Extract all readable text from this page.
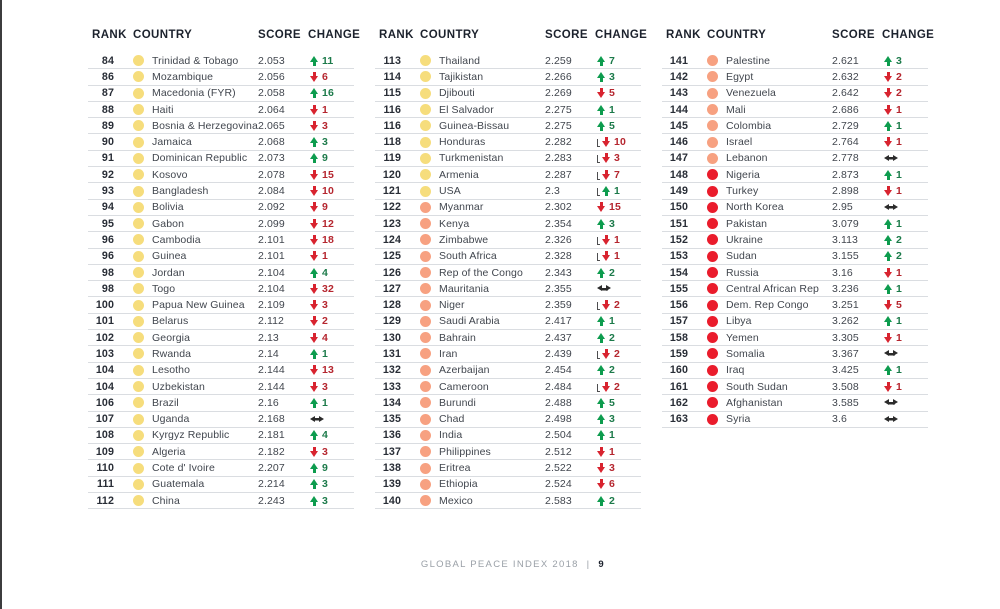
RANK COUNTRY	SCORE CHANGE
84	Trinidad & Tobago	2.053	11
86	Mozambique	2.056	6
87	Macedonia (FYR)	2.058	16
88	Haiti	2.064	1
89	Bosnia & Herzegovina 2.065	3
90	Jamaica	2.068	3
91	Dominican Republic	2.073	9
92	Kosovo	2.078	15
93	Bangladesh	2.084	10
94	Bolivia	2.092	9
95	Gabon	2.099	12
96	Cambodia	2.101	18
96	Guinea	2.101	1
98	Jordan	2.104	4
98	Togo	2.104	32
100	Papua New Guinea	2.109	3
101	Belarus	2.112	2
102	Georgia	2.13	4
103	Rwanda	2.14	1
104	Lesotho	2.144	13
104	Uzbekistan	2.144	3
106	Brazil	2.16	1
107	Uganda	2.168
108	Kyrgyz Republic	2.181	4
109	Algeria	2.182	3
110	Cote d' Ivoire	2.207	9
111	Guatemala	2.214	3
112	China	2.243	3
RANK COUNTRY	SCORE CHANGE
113	Thailand	2.259	7
114	Tajikistan	2.266	3
115	Djibouti	2.269	5
116	El Salvador	2.275	1
116	Guinea-Bissau	2.275	5
118	Honduras	2.282	10
119	Turkmenistan	2.283	3
120	Armenia	2.287	7
121	USA	2.3	1
122	Myanmar	2.302	15
123	Kenya	2.354	3
124	Zimbabwe	2.326	1
125	South Africa	2.328	1
126	Rep of the Congo	2.343	2
127	Mauritania	2.355
128	Niger	2.359	2
129	Saudi Arabia	2.417	1
130	Bahrain	2.437	2
131	Iran	2.439	2
132	Azerbaijan	2.454	2
133	Cameroon	2.484	2
134	Burundi	2.488	5
135	Chad	2.498	3
136	India	2.504	1
137	Philippines	2.512	1
138	Eritrea	2.522	3
139	Ethiopia	2.524	6
140	Mexico	2.583	2
RANK COUNTRY	SCORE CHANGE
141	Palestine	2.621	3
142	Egypt	2.632	2
143	Venezuela	2.642	2
144	Mali	2.686	1
145	Colombia	2.729	1
146	Israel	2.764	1
147	Lebanon	2.778
148	Nigeria	2.873	1
149	Turkey	2.898	1
150	North Korea	2.95
151	Pakistan	3.079	1
152	Ukraine	3.113	2
153	Sudan	3.155	2
154	Russia	3.16	1
155	Central African Rep	3.236	1
156	Dem. Rep Congo	3.251	5
157	Libya	3.262	1
158	Yemen	3.305	1
159	Somalia	3.367
160	Iraq	3.425	1
161	South Sudan	3.508	1
162	Afghanistan	3.585
163	Syria	3.6
GLOBAL PEACE INDEX 2018 | 9
